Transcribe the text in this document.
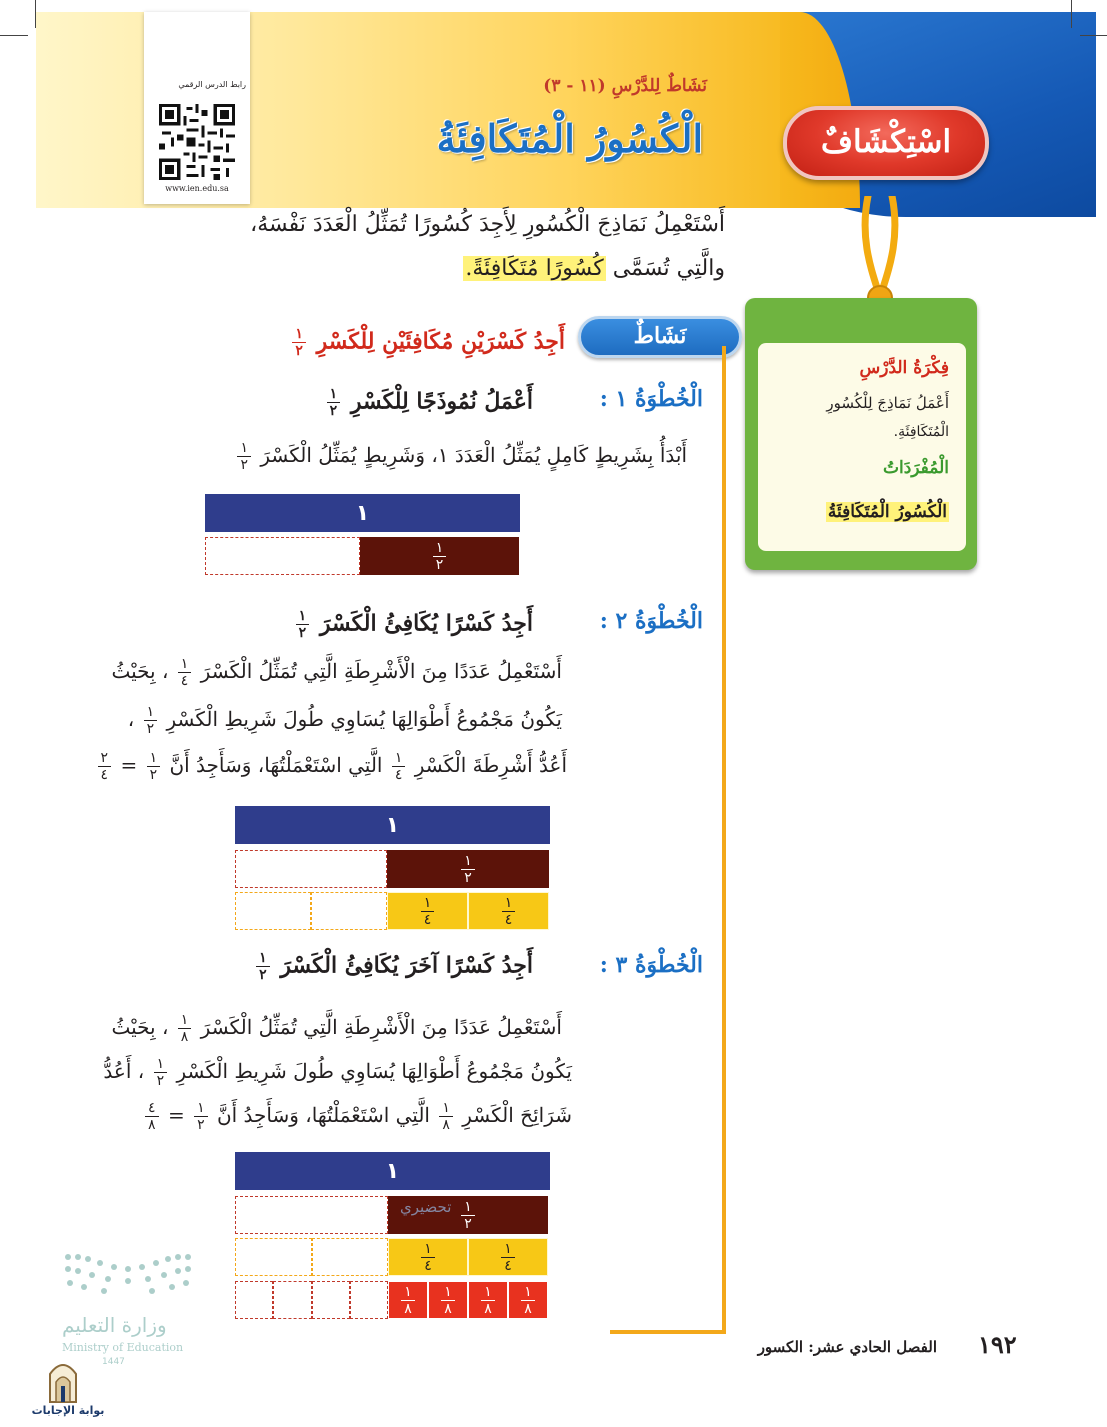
رابط الدرس الرقمي
www.ien.edu.sa
نَشَاطٌ لِلدَّرْسِ (١١ - ٣)
الْكُسُورُ الْمُتَكَافِئَةُ	اسْتِكْشَافٌ
أَسْتَعْمِلُ نَمَاذِجَ الْكُسُورِ لِأَجِدَ كُسُورًا تُمَثِّلُ الْعَدَدَ نَفْسَهُ،
والَّتِي تُسَمَّى كُسُورًا مُتَكَافِئَةً.
فِكْرَةُ الدَّرْسِ
أَعْمَلُ نَمَاذِجَ لِلْكُسُورِ
الْمُتَكَافِئَةِ.
الْمُفْرَدَاتُ
الْكُسُورُ الْمُتَكَافِئَةُ
نَشَاطٌ
أَجِدُ كَسْرَيْنِ مُكَافِئَيْنِ لِلْكَسْرِ
$\frac{١}{٢}$
الْخُطْوَةُ ١ :
أَعْمَلُ نُمُوذَجًا لِلْكَسْرِ
$\frac{١}{٢}$
أَبْدَأُ بِشَرِيطٍ كَامِلٍ يُمَثِّلُ الْعَدَدَ ١، وَشَرِيطٍ يُمَثِّلُ الْكَسْرَ
$\frac{١}{٢}$
١
$\frac{١}{٢}$
الْخُطْوَةُ ٢ :
أَجِدُ كَسْرًا يُكَافِئُ الْكَسْرَ
$\frac{١}{٢}$
أَسْتَعْمِلُ عَدَدًا مِنَ الْأَشْرِطَةِ الَّتِي تُمَثِّلُ الْكَسْرَ
$\frac{١}{٤}$
، بِحَيْثُ
يَكُونُ مَجْمُوعُ أَطْوَالِهَا يُسَاوِي طُولَ شَرِيطِ الْكَسْرِ
$\frac{١}{٢}$
،
أَعُدُّ أَشْرِطَةَ الْكَسْرِ
$\frac{١}{٤}$
الَّتِي اسْتَعْمَلْتُهَا، وَسَأَجِدُ أَنَّ
$\frac{١}{٢}$
=
$\frac{٢}{٤}$
١
$\frac{١}{٢}$
$\frac{١}{٤}$	$\frac{١}{٤}$
الْخُطْوَةُ ٣ :
أَجِدُ كَسْرًا آخَرَ يُكَافِئُ الْكَسْرَ
$\frac{١}{٢}$
أَسْتَعْمِلُ عَدَدًا مِنَ الْأَشْرِطَةِ الَّتِي تُمَثِّلُ الْكَسْرَ
$\frac{١}{٨}$
، بِحَيْثُ
يَكُونُ مَجْمُوعُ أَطْوَالِهَا يُسَاوِي طُولَ شَرِيطِ الْكَسْرِ
$\frac{١}{٢}$
، أَعُدُّ
شَرَائِحَ الْكَسْرِ
$\frac{١}{٨}$
الَّتِي اسْتَعْمَلْتُهَا، وَسَأَجِدُ أَنَّ
$\frac{١}{٢}$
=
$\frac{٤}{٨}$
١
$\frac{١}{٢}$
تحضيري
$\frac{١}{٤}$	$\frac{١}{٤}$
$\frac{١}{٨} \frac{١}{٨} \frac{١}{٨} \frac{١}{٨}$
وزارة التعليم
Ministry of Education
1447
بوابة الإجابات
الفصل الحادي عشر: الكسور ١٩٢
